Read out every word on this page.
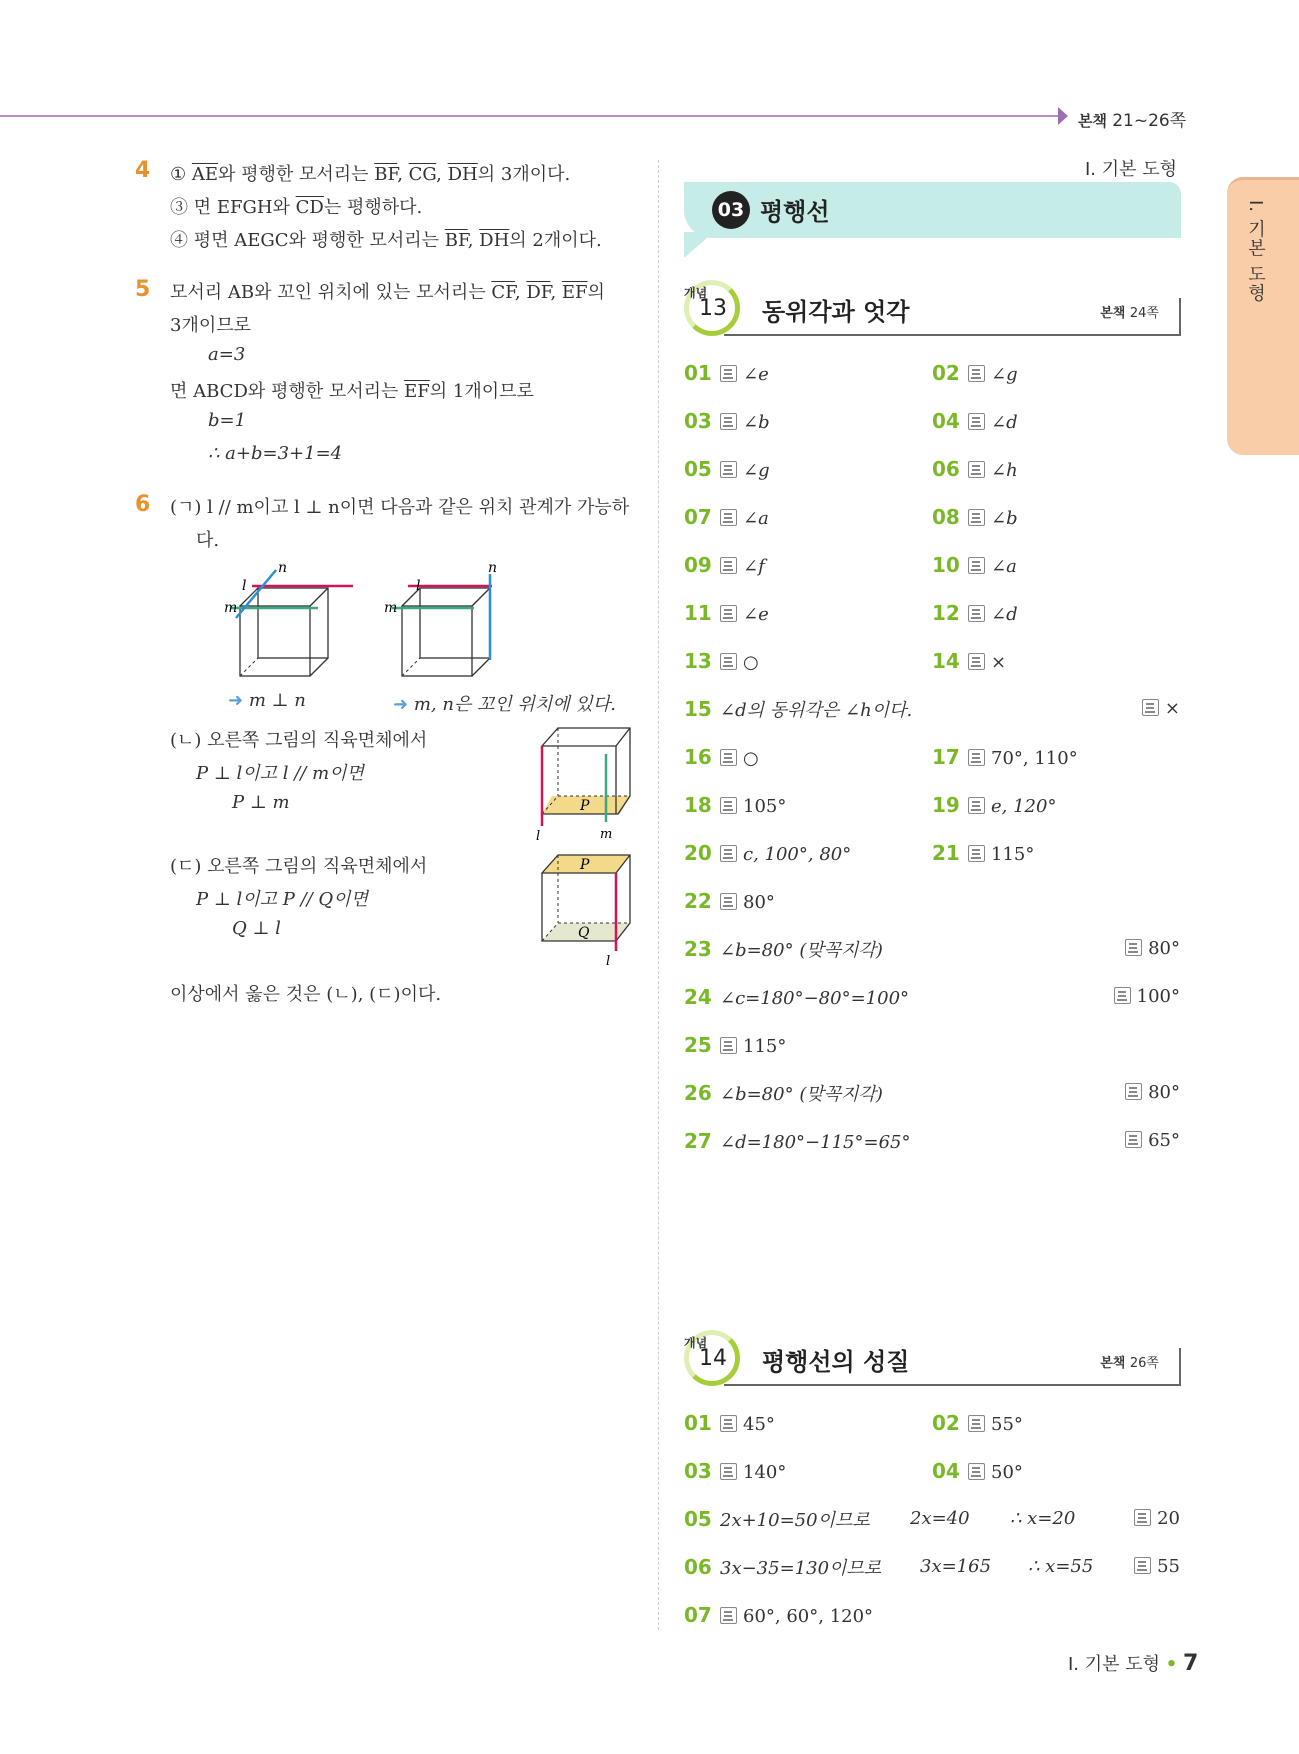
본책 21~26쪽
I. 기본 도형
4 ① $\overline{AE}$와 평행한 모서리는 $\overline{BF}$, $\overline{CG}$, $\overline{DH}$의 3개이다.
③ 면 EFGH와 $\overline{CD}$는 평행하다.
④ 평면 AEGC와 평행한 모서리는 $\overline{BF}$, $\overline{DH}$의 2개이다.
5 모서리 AB와 꼬인 위치에 있는 모서리는 $\overline{CF}$, $\overline{DF}$, $\overline{EF}$의
3개이므로
a=3
면 ABCD와 평행한 모서리는 $\overline{EF}$의 1개이므로
b=1
∴ a+b=3+1=4
6 (ㄱ) l // m이고 l ⊥ n이면 다음과 같은 위치 관계가 가능하
다.
l
m
n
l
m
n
➜ m ⊥ n	➜ m, n은 꼬인 위치에 있다.
(ㄴ) 오른쪽 그림의 직육면체에서
P ⊥ l이고 l // m이면
P ⊥ m	P
l	m
(ㄷ) 오른쪽 그림의 직육면체에서
P ⊥ l이고 P // Q이면
Q ⊥ l
P
Q
l
이상에서 옳은 것은 (ㄴ), (ㄷ)이다.
I. 기본 도형
03 평행선
개념
13 동위각과 엇각	본책 24쪽
01 ∠e	02 ∠g
03 ∠b	04 ∠d
05 ∠g	06 ∠h
07 ∠a	08 ∠b
09 ∠f	10 ∠a
11 ∠e	12 ∠d
13 ○	14 ×
15 ∠d의 동위각은 ∠h이다.	×
16 ○	17 70°, 110°
18 105°	19 e, 120°
20 c, 100°, 80°	21 115°
22 80°
23 ∠b=80° (맞꼭지각)	80°
24 ∠c=180°−80°=100°	100°
25 115°
26 ∠b=80° (맞꼭지각)	80°
27 ∠d=180°−115°=65°	65°
개념
14 평행선의 성질	본책 26쪽
01 45°	02 55°
03 140°	04 50°
05 2x+10=50이므로 2x=40 ∴ x=20	20
06 3x−35=130이므로 3x=165 ∴ x=55	55
07 60°, 60°, 120°
I. 기본 도형 • 7
